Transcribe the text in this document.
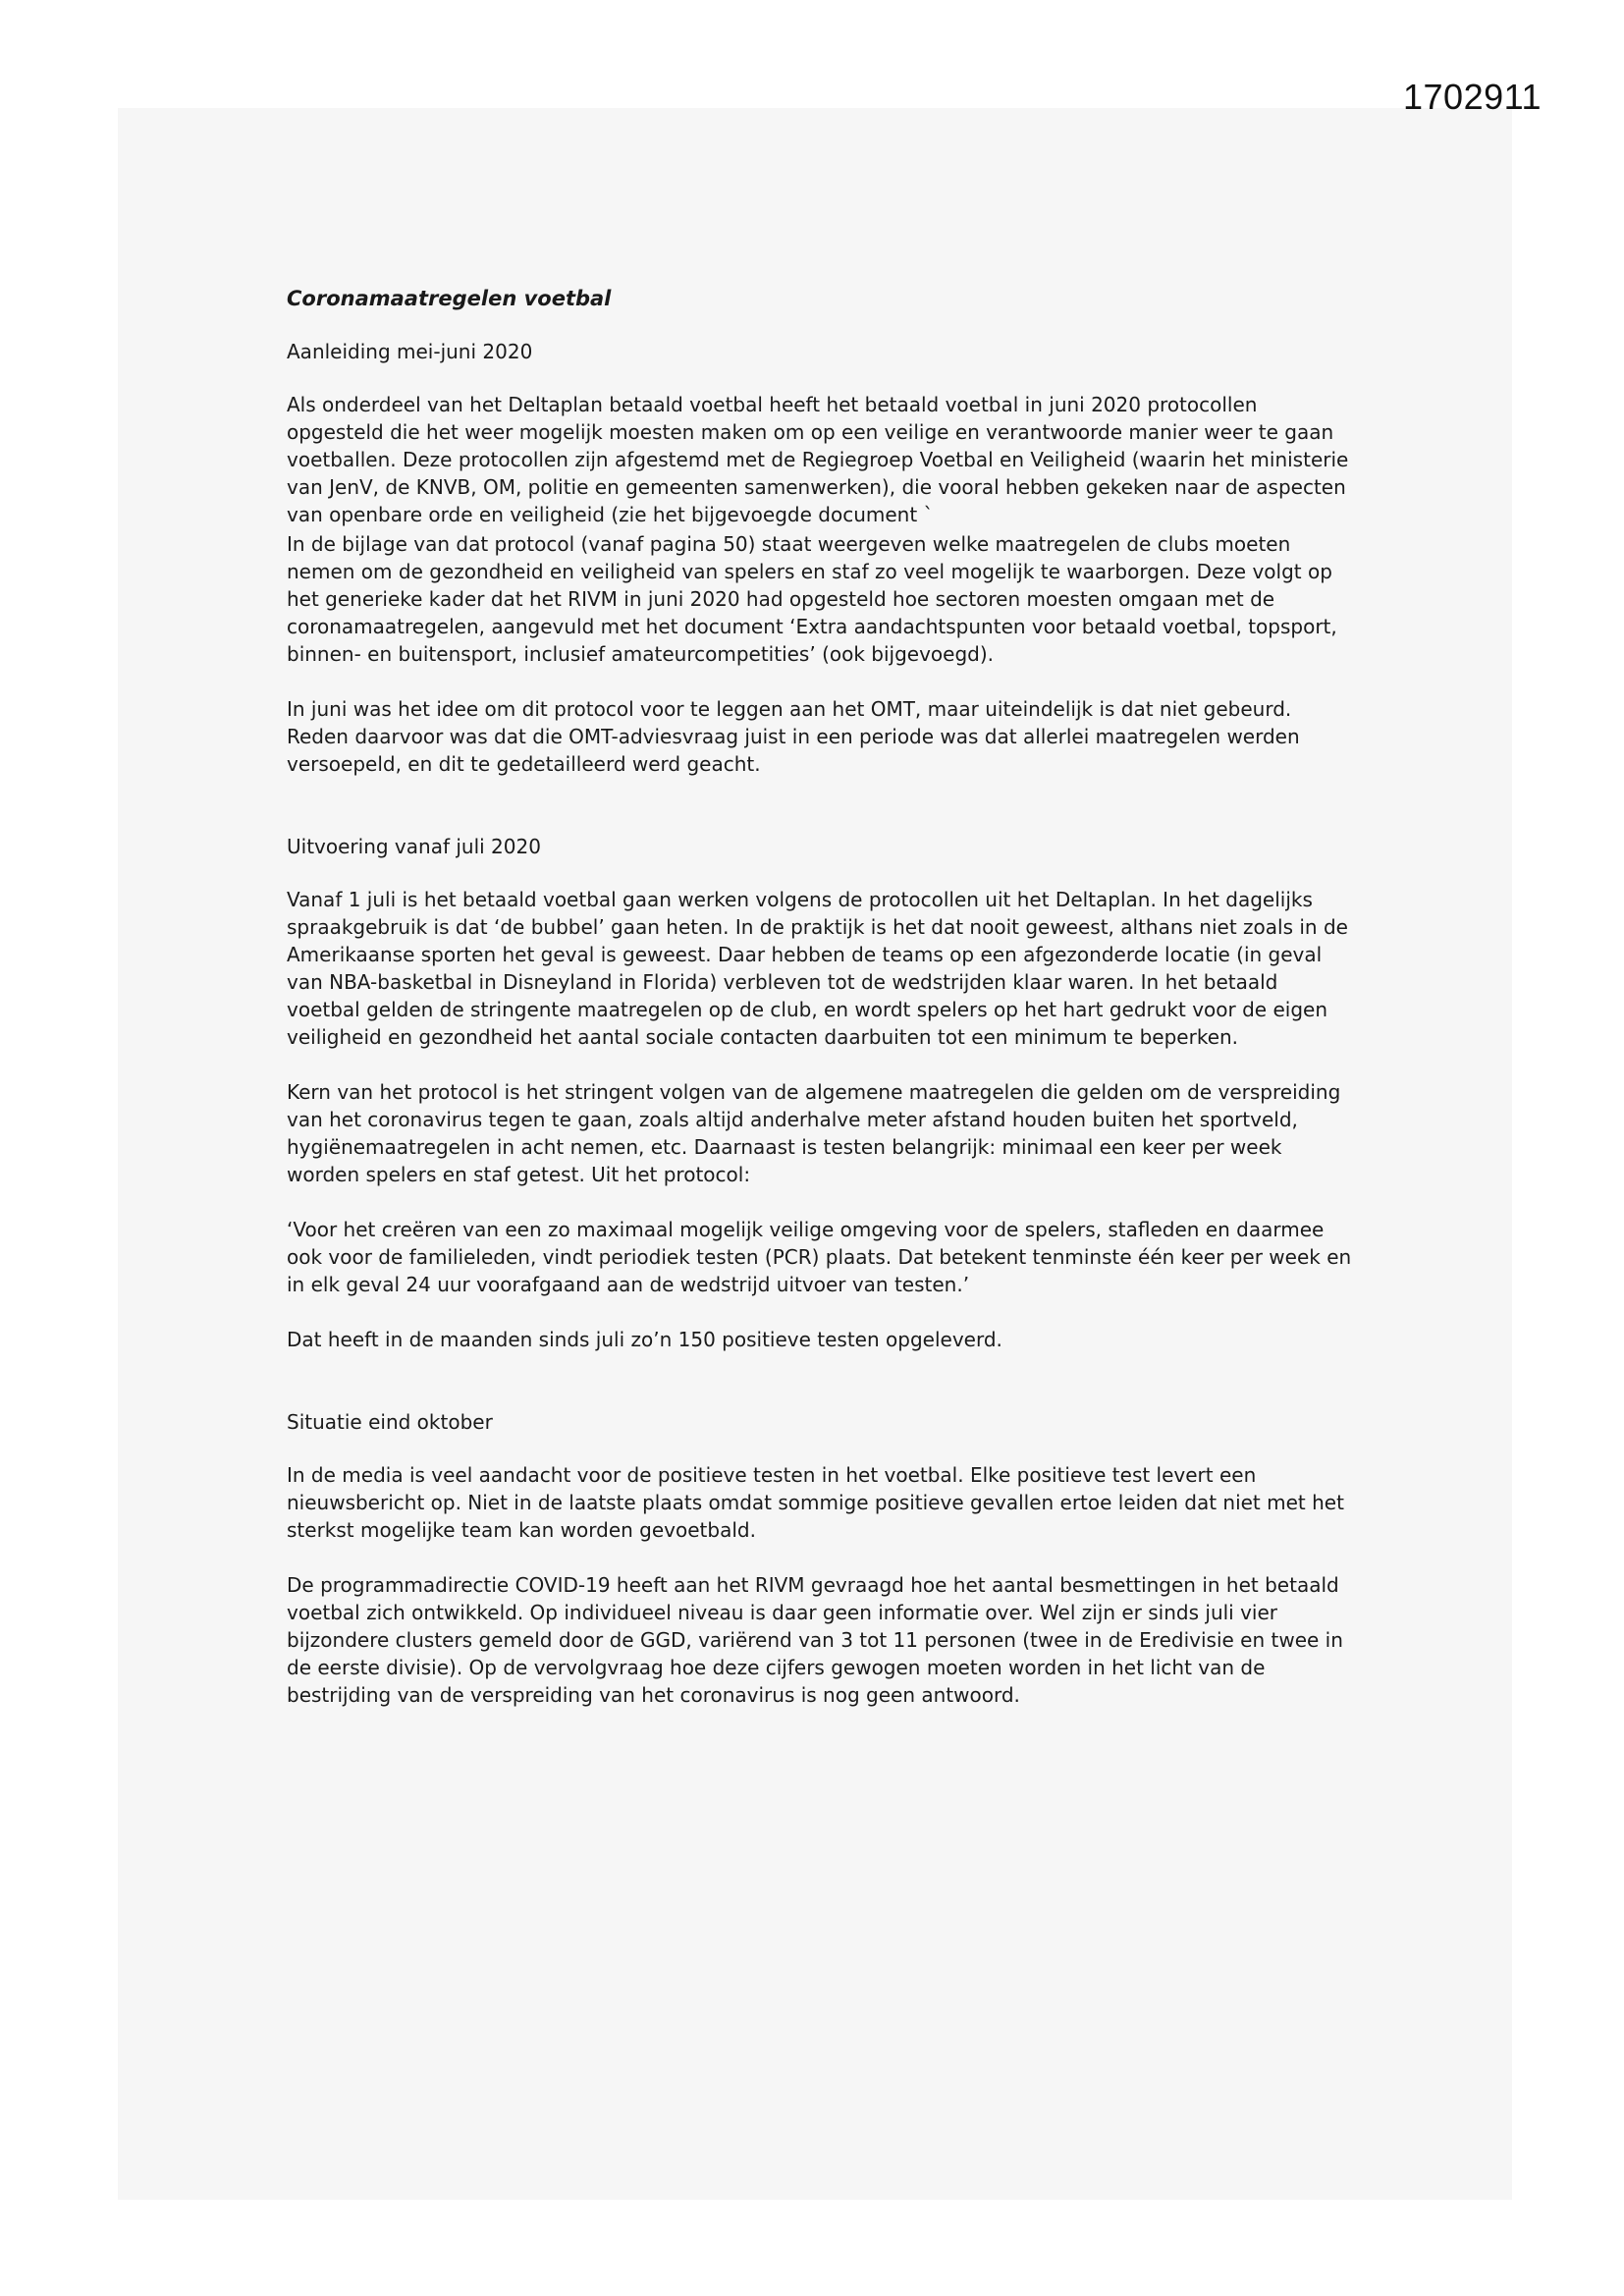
1702911
Coronamaatregelen voetbal
Aanleiding mei-juni 2020

Als onderdeel van het Deltaplan betaald voetbal heeft het betaald voetbal in juni 2020 protocollen opgesteld die het weer mogelijk moesten maken om op een veilige en verantwoorde manier weer te gaan voetballen. Deze protocollen zijn afgestemd met de Regiegroep Voetbal en Veiligheid (waarin het ministerie van JenV, de KNVB, OM, politie en gemeenten samenwerken), die vooral hebben gekeken naar de aspecten van openbare orde en veiligheid (zie het bijgevoegde document `

In de bijlage van dat protocol (vanaf pagina 50) staat weergeven welke maatregelen de clubs moeten nemen om de gezondheid en veiligheid van spelers en staf zo veel mogelijk te waarborgen. Deze volgt op het generieke kader dat het RIVM in juni 2020 had opgesteld hoe sectoren moesten omgaan met de coronamaatregelen, aangevuld met het document ‘Extra aandachtspunten voor betaald voetbal, topsport, binnen- en buitensport, inclusief amateurcompetities’ (ook bijgevoegd).

In juni was het idee om dit protocol voor te leggen aan het OMT, maar uiteindelijk is dat niet gebeurd. Reden daarvoor was dat die OMT-adviesvraag juist in een periode was dat allerlei maatregelen werden versoepeld, en dit te gedetailleerd werd geacht.

Uitvoering vanaf juli 2020

Vanaf 1 juli is het betaald voetbal gaan werken volgens de protocollen uit het Deltaplan. In het dagelijks spraakgebruik is dat ‘de bubbel’ gaan heten. In de praktijk is het dat nooit geweest, althans niet zoals in de Amerikaanse sporten het geval is geweest. Daar hebben de teams op een afgezonderde locatie (in geval van NBA-basketbal in Disneyland in Florida) verbleven tot de wedstrijden klaar waren. In het betaald voetbal gelden de stringente maatregelen op de club, en wordt spelers op het hart gedrukt voor de eigen veiligheid en gezondheid het aantal sociale contacten daarbuiten tot een minimum te beperken.

Kern van het protocol is het stringent volgen van de algemene maatregelen die gelden om de verspreiding van het coronavirus tegen te gaan, zoals altijd anderhalve meter afstand houden buiten het sportveld, hygiënemaatregelen in acht nemen, etc. Daarnaast is testen belangrijk: minimaal een keer per week worden spelers en staf getest. Uit het protocol:

‘Voor het creëren van een zo maximaal mogelijk veilige omgeving voor de spelers, stafleden en daarmee ook voor de familieleden, vindt periodiek testen (PCR) plaats. Dat betekent tenminste één keer per week en in elk geval 24 uur voorafgaand aan de wedstrijd uitvoer van testen.’

Dat heeft in de maanden sinds juli zo’n 150 positieve testen opgeleverd.

Situatie eind oktober

In de media is veel aandacht voor de positieve testen in het voetbal. Elke positieve test levert een nieuwsbericht op. Niet in de laatste plaats omdat sommige positieve gevallen ertoe leiden dat niet met het sterkst mogelijke team kan worden gevoetbald.

De programmadirectie COVID-19 heeft aan het RIVM gevraagd hoe het aantal besmettingen in het betaald voetbal zich ontwikkeld. Op individueel niveau is daar geen informatie over. Wel zijn er sinds juli vier bijzondere clusters gemeld door de GGD, variërend van 3 tot 11 personen (twee in de Eredivisie en twee in de eerste divisie). Op de vervolgvraag hoe deze cijfers gewogen moeten worden in het licht van de bestrijding van de verspreiding van het coronavirus is nog geen antwoord.
